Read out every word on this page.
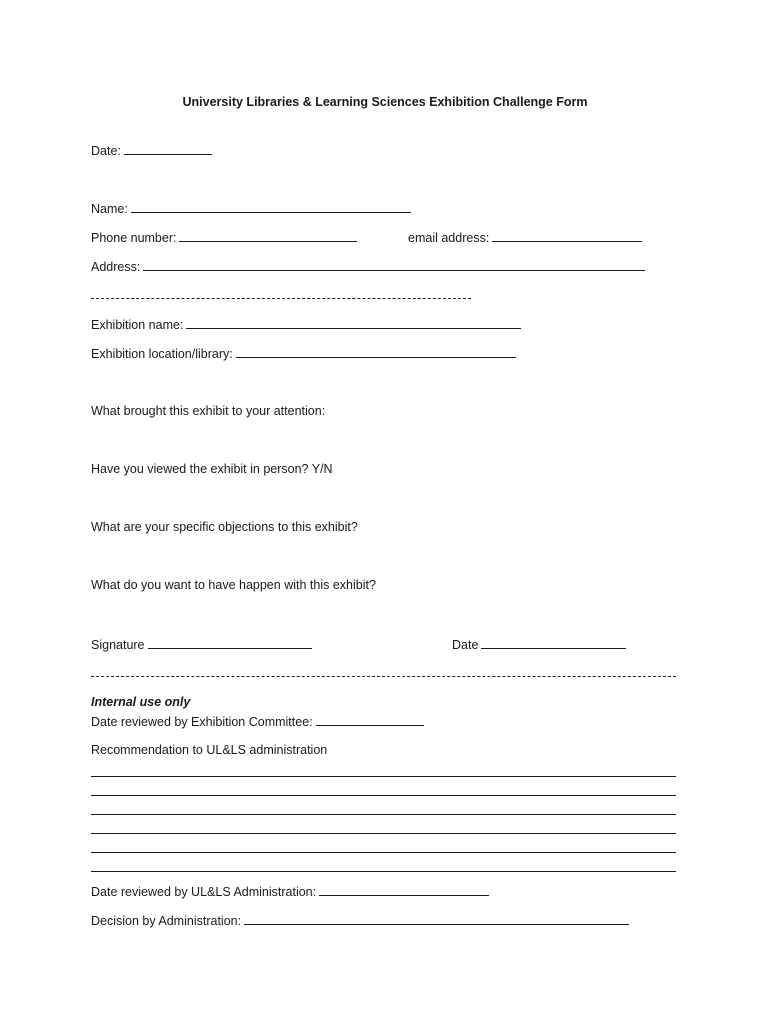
University Libraries & Learning Sciences Exhibition Challenge Form
Date:
Name:
Phone number:	email address:
Address:
Exhibition name:
Exhibition location/library:
What brought this exhibit to your attention:
Have you viewed the exhibit in person? Y/N
What are your specific objections to this exhibit?
What do you want to have happen with this exhibit?
Signature	Date
Internal use only
Date reviewed by Exhibition Committee:
Recommendation to UL&LS administration
Date reviewed by UL&LS Administration:
Decision by Administration:
